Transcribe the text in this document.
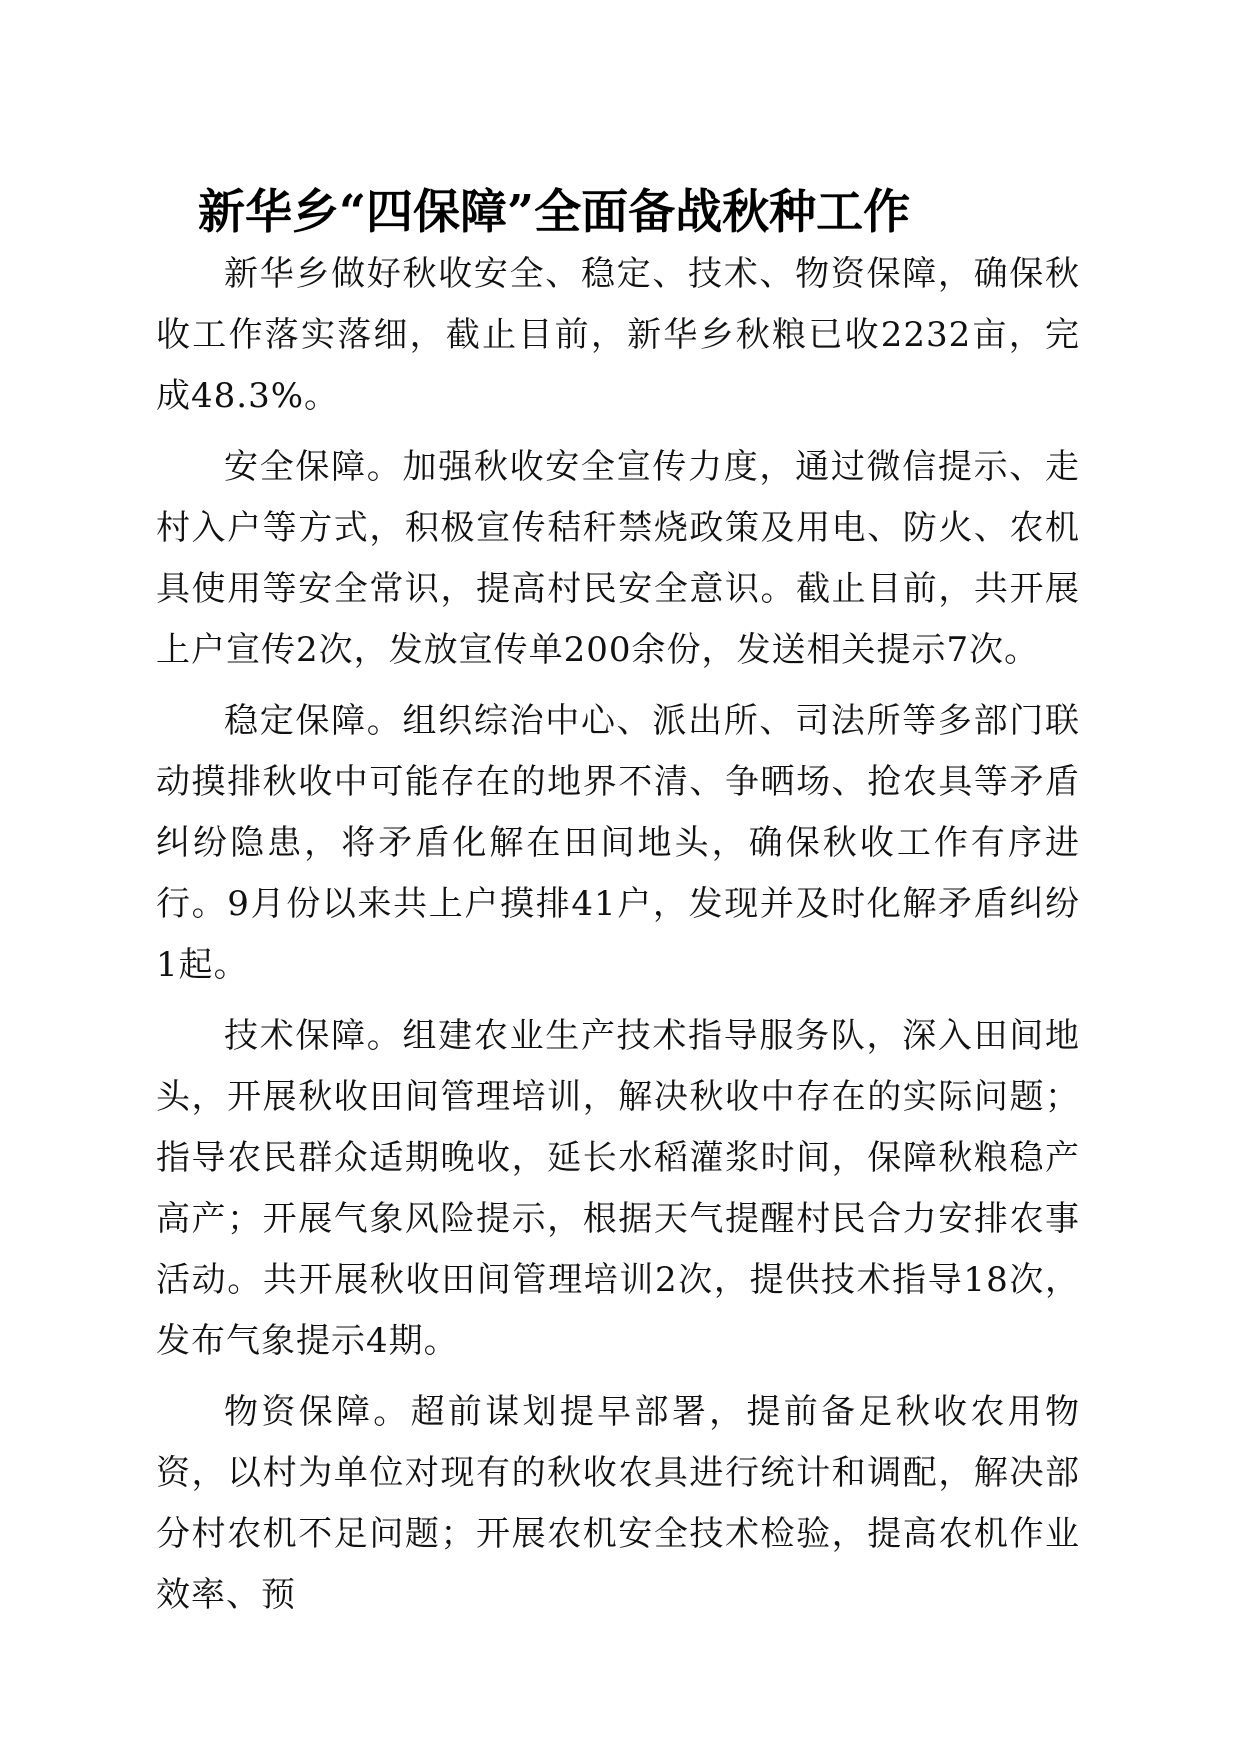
新华乡“四保障”全面备战秋种工作

新华乡做好秋收安全、稳定、技术、物资保障，确保秋收工作落实落细，截止目前，新华乡秋粮已收2232亩，完成48.3%。

安全保障。加强秋收安全宣传力度，通过微信提示、走村入户等方式，积极宣传秸秆禁烧政策及用电、防火、农机具使用等安全常识，提高村民安全意识。截止目前，共开展上户宣传2次，发放宣传单200余份，发送相关提示7次。

稳定保障。组织综治中心、派出所、司法所等多部门联动摸排秋收中可能存在的地界不清、争晒场、抢农具等矛盾纠纷隐患，将矛盾化解在田间地头，确保秋收工作有序进行。9月份以来共上户摸排41户，发现并及时化解矛盾纠纷1起。

技术保障。组建农业生产技术指导服务队，深入田间地头，开展秋收田间管理培训，解决秋收中存在的实际问题；指导农民群众适期晚收，延长水稻灌浆时间，保障秋粮稳产高产；开展气象风险提示，根据天气提醒村民合力安排农事活动。共开展秋收田间管理培训2次，提供技术指导18次，发布气象提示4期。

物资保障。超前谋划提早部署，提前备足秋收农用物资，以村为单位对现有的秋收农具进行统计和调配，解决部分村农机不足问题；开展农机安全技术检验，提高农机作业效率、预
